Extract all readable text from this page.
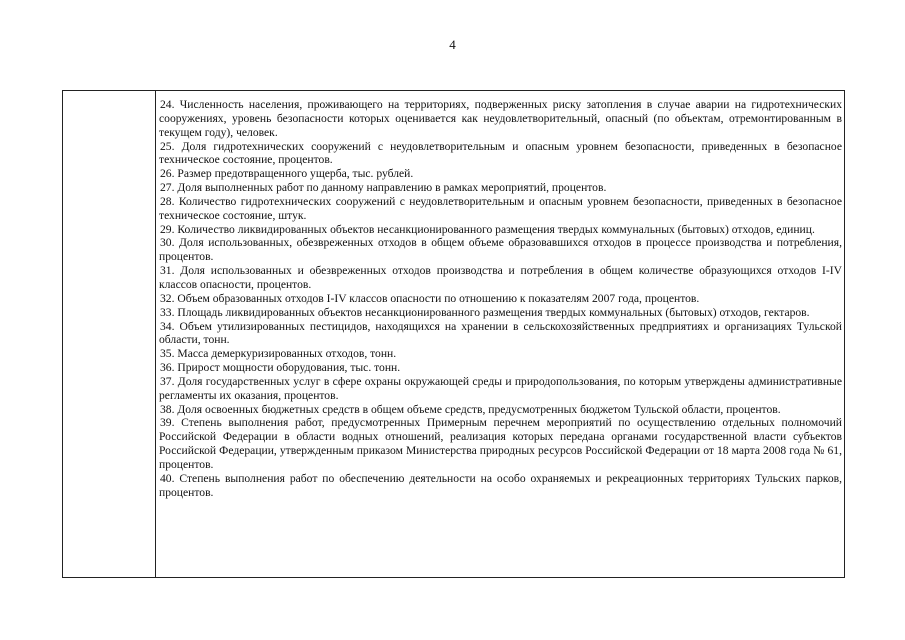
4

24. Численность населения, проживающего на территориях, подверженных риску затопления в случае аварии на гидротехнических сооружениях, уровень безопасности которых оценивается как неудовлетворительный, опасный (по объектам, отремонтированным в текущем году), человек.

25. Доля гидротехнических сооружений с неудовлетворительным и опасным уровнем безопасности, приведенных в безопасное техническое состояние, процентов.

26. Размер предотвращенного ущерба, тыс. рублей.

27. Доля выполненных работ по данному направлению в рамках мероприятий, процентов.

28. Количество гидротехнических сооружений с неудовлетворительным и опасным уровнем безопасности, приведенных в безопасное техническое состояние, штук.

29. Количество ликвидированных объектов несанкционированного размещения твердых коммунальных (бытовых) отходов, единиц.

30. Доля использованных, обезвреженных отходов в общем объеме образовавшихся отходов в процессе производства и потребления, процентов.

31. Доля использованных и обезвреженных отходов производства и потребления в общем количестве образующихся отходов I-IV классов опасности, процентов.

32. Объем образованных отходов I-IV классов опасности по отношению к показателям 2007 года, процентов.

33. Площадь ликвидированных объектов несанкционированного размещения твердых коммунальных (бытовых) отходов, гектаров.

34. Объем утилизированных пестицидов, находящихся на хранении в сельскохозяйственных предприятиях и организациях Тульской области, тонн.

35. Масса демеркуризированных отходов, тонн.

36. Прирост мощности оборудования, тыс. тонн.

37. Доля государственных услуг в сфере охраны окружающей среды и природопользования, по которым утверждены административные регламенты их оказания, процентов.

38. Доля освоенных бюджетных средств в общем объеме средств, предусмотренных бюджетом Тульской области, процентов.

39. Степень выполнения работ, предусмотренных Примерным перечнем мероприятий по осуществлению отдельных полномочий Российской Федерации в области водных отношений, реализация которых передана органами государственной власти субъектов Российской Федерации, утвержденным приказом Министерства природных ресурсов Российской Федерации от 18 марта 2008 года № 61, процентов.

40. Степень выполнения работ по обеспечению деятельности на особо охраняемых и рекреационных территориях Тульских парков, процентов.
